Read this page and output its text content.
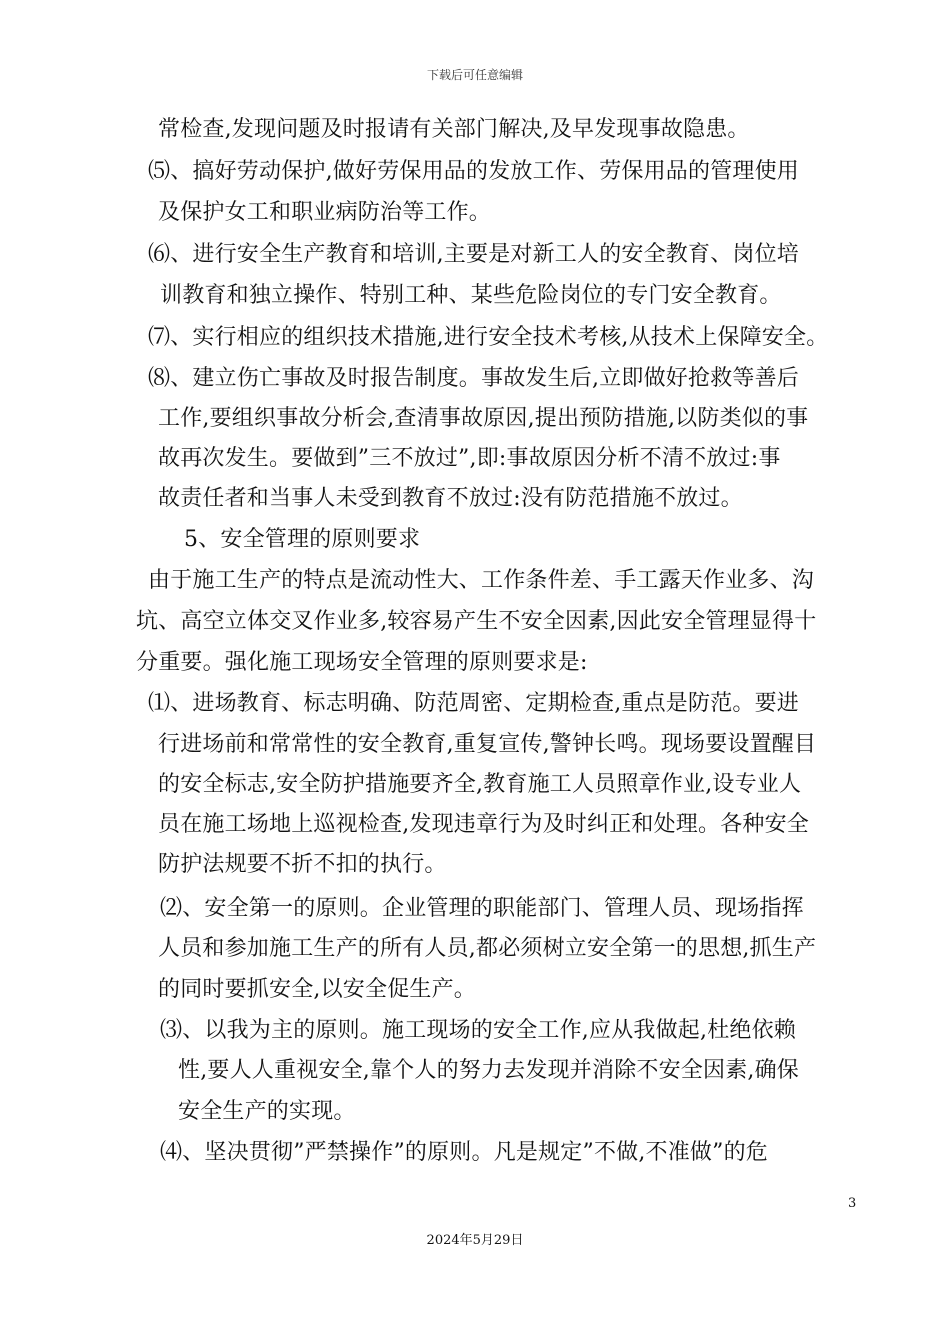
下载后可任意编辑
常检查,发现问题及时报请有关部门解决,及早发现事故隐患。
⑸、搞好劳动保护,做好劳保用品的发放工作、劳保用品的管理使用
及保护女工和职业病防治等工作。
⑹、进行安全生产教育和培训,主要是对新工人的安全教育、岗位培
训教育和独立操作、特别工种、某些危险岗位的专门安全教育。
⑺、实行相应的组织技术措施,进行安全技术考核,从技术上保障安全。
⑻、建立伤亡事故及时报告制度。事故发生后,立即做好抢救等善后
工作,要组织事故分析会,查清事故原因,提出预防措施,以防类似的事
故再次发生。要做到”三不放过”,即:事故原因分析不清不放过:事
故责任者和当事人未受到教育不放过:没有防范措施不放过。
5、安全管理的原则要求
由于施工生产的特点是流动性大、工作条件差、手工露天作业多、沟
坑、高空立体交叉作业多,较容易产生不安全因素,因此安全管理显得十
分重要。强化施工现场安全管理的原则要求是:
⑴、进场教育、标志明确、防范周密、定期检查,重点是防范。要进
行进场前和常常性的安全教育,重复宣传,警钟长鸣。现场要设置醒目
的安全标志,安全防护措施要齐全,教育施工人员照章作业,设专业人
员在施工场地上巡视检查,发现违章行为及时纠正和处理。各种安全
防护法规要不折不扣的执行。
⑵、安全第一的原则。企业管理的职能部门、管理人员、现场指挥
人员和参加施工生产的所有人员,都必须树立安全第一的思想,抓生产
的同时要抓安全,以安全促生产。
⑶、以我为主的原则。施工现场的安全工作,应从我做起,杜绝依赖
性,要人人重视安全,靠个人的努力去发现并消除不安全因素,确保
安全生产的实现。
⑷、坚决贯彻”严禁操作”的原则。凡是规定”不做,不准做”的危
3
2024年5月29日
